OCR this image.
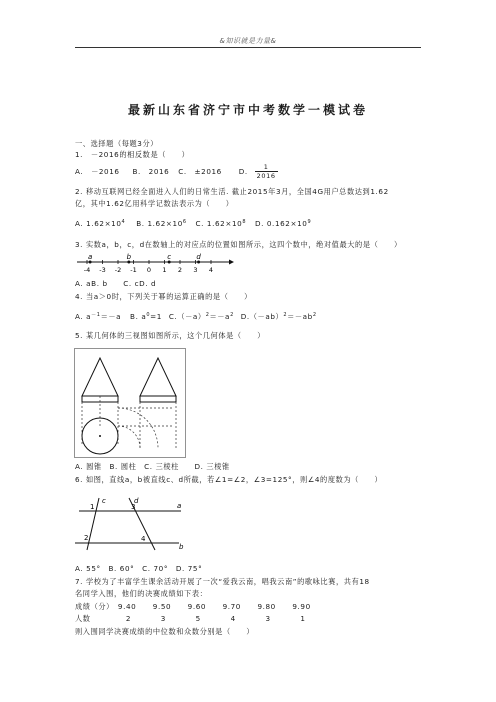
&知识就是力量&
最新山东省济宁市中考数学一模试卷
一、选择题（每题3分）
1.　－2016的相反数是（　　）
A.　－2016 B.　2016 C.　±2016 D. $\frac{1}{2016}$
2. 移动互联网已经全面进入人们的日常生活. 截止2015年3月，全国4G用户总数达到1.62
亿，其中1.62亿用科学记数法表示为（　　）
A. $1.62\times 10^4$ B. $1.62\times 10^6$ C. $1.62\times 10^8$ D. $0.162\times 10^9$
3. 实数a，b，c，d在数轴上的对应点的位置如图所示，这四个数中，绝对值最大的是（　　）
-4 -3 -2 -1 0 1 2 3 4
a	b	c	d
A. aB. b　　C. cD. d
4. 当a＞0时，下列关于幂的运算正确的是（　　）
A. $a^{-1}=-a$ B. $a^0=1$ $C.(-a)^2=-a^2$ $D.(-ab)^2=-ab^2$
5. 某几何体的三视图如图所示，这个几何体是（　　）
A. 圆锥　B. 圆柱　C. 三棱柱　　D. 三棱锥
6. 如图，直线a，b被直线c、d所截，若∠1=∠2，∠3=125°，则∠4的度数为（　　）
a
b
c	d
1
2
3
4
A. 55°　B. 60°　C. 70°　D. 75°
7. 学校为了丰富学生课余活动开展了一次“爱我云南，唱我云南”的歌咏比赛，共有18
名同学入围，他们的决赛成绩如下表：
成绩（分） 9.40 9.50 9.60 9.70 9.80 9.90
人数	2	3	5	4	3	1
则入围同学决赛成绩的中位数和众数分别是（　　）
